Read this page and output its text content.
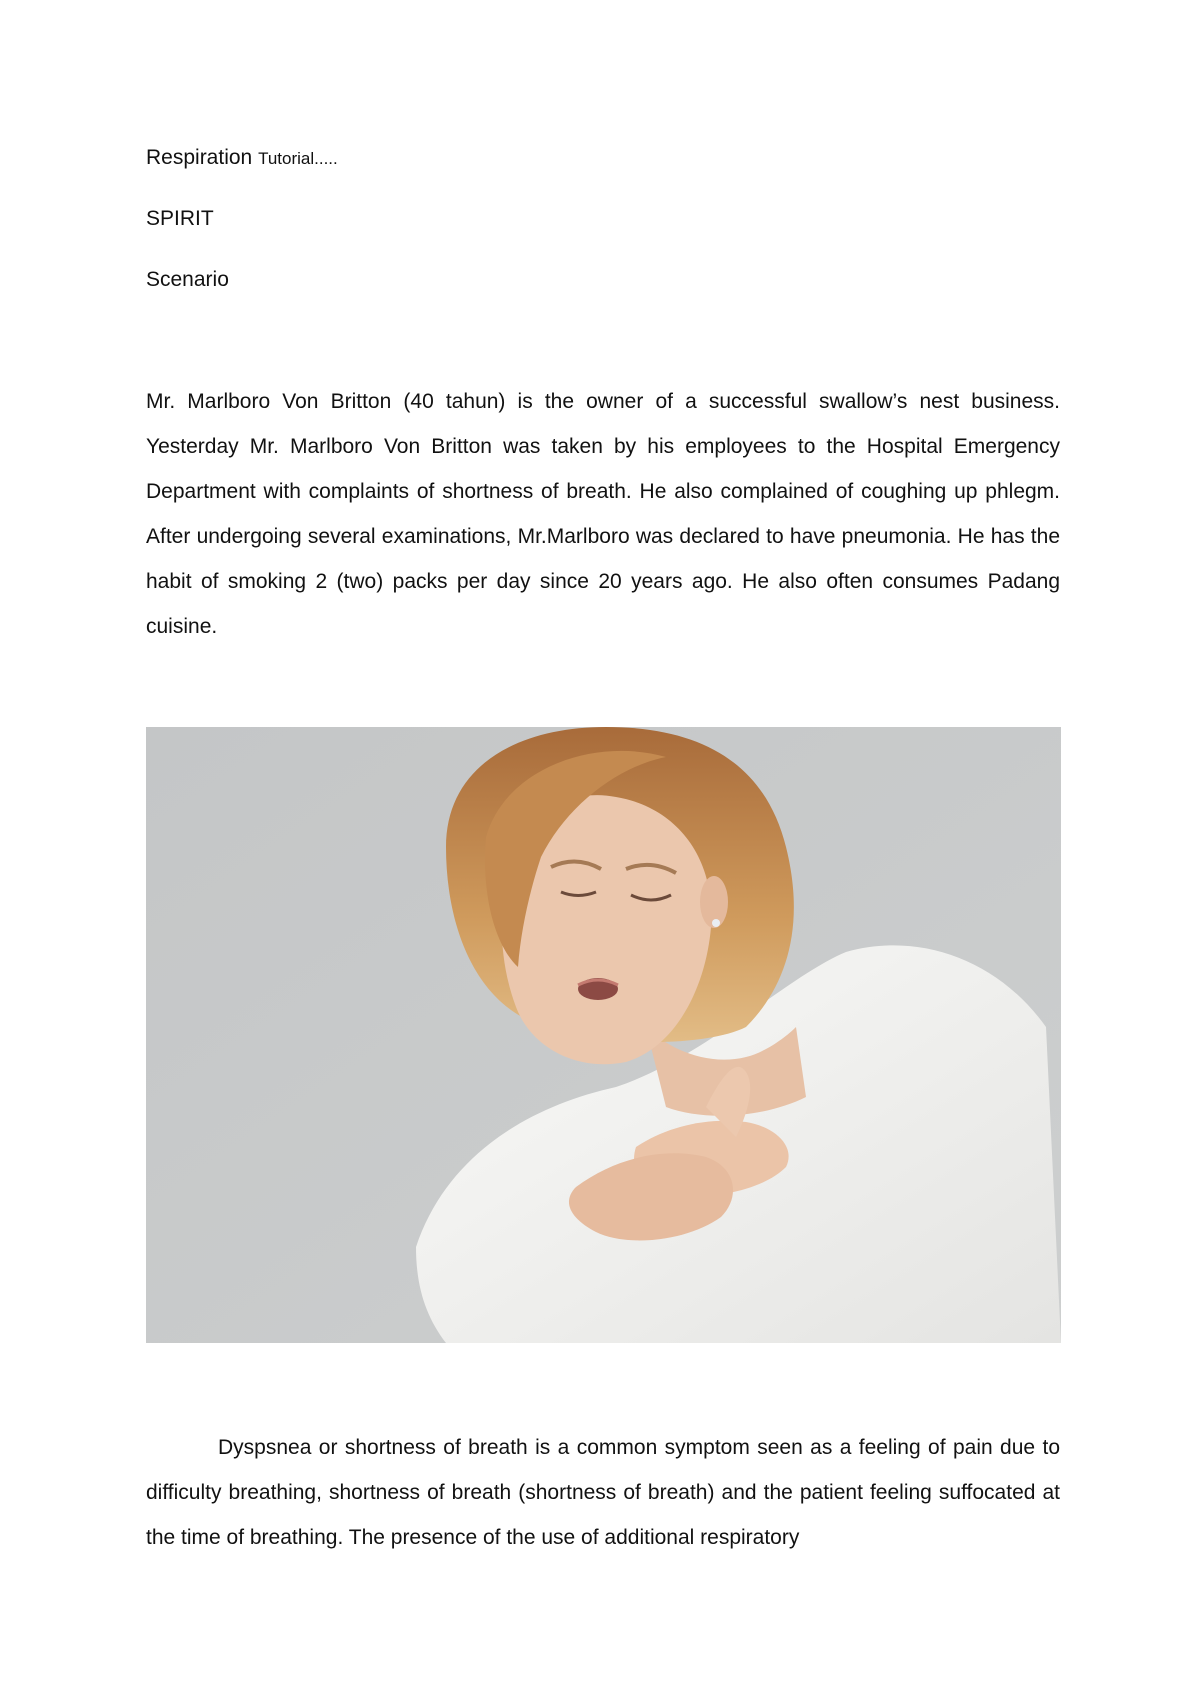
Respiration Tutorial.....
SPIRIT
Scenario

Mr. Marlboro Von Britton (40 tahun) is the owner of a successful swallow’s nest business. Yesterday Mr. Marlboro Von Britton was taken by his employees to the Hospital Emergency Department with complaints of shortness of breath. He also complained of coughing up phlegm. After undergoing several examinations, Mr.Marlboro was declared to have pneumonia. He has the habit of smoking 2 (two) packs per day since 20 years ago. He also often consumes Padang cuisine.

Dyspsnea or shortness of breath is a common symptom seen as a feeling of pain due to difficulty breathing, shortness of breath (shortness of breath) and the patient feeling suffocated at the time of breathing. The presence of the use of additional respiratory
